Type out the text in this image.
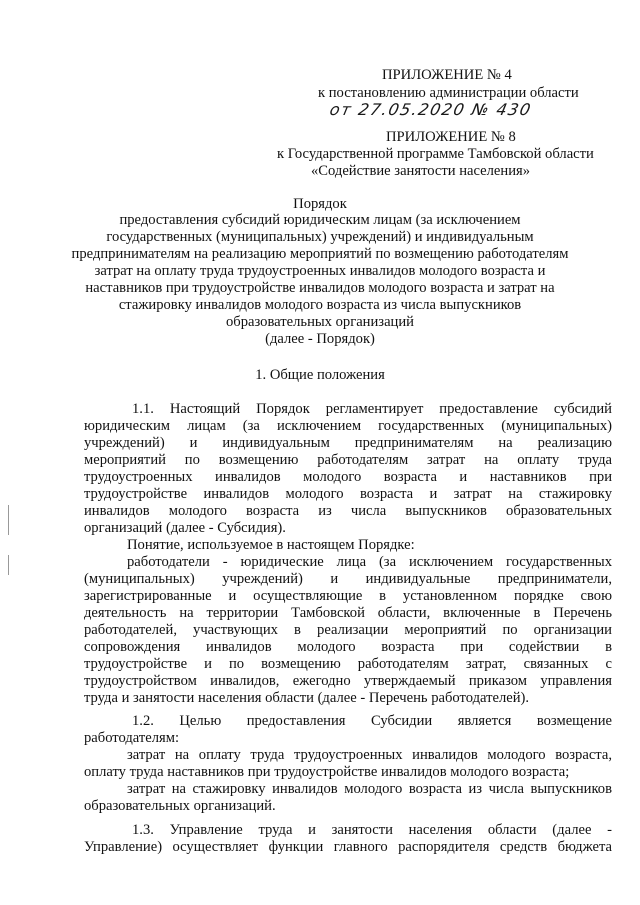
ПРИЛОЖЕНИЕ № 4
к постановлению администрации области
от 27.05.2020 № 430
ПРИЛОЖЕНИЕ № 8
к Государственной программе Тамбовской области
«Содействие занятости населения»
Порядок
предоставления субсидий юридическим лицам (за исключением
государственных (муниципальных) учреждений) и индивидуальным
предпринимателям на реализацию мероприятий по возмещению работодателям
затрат на оплату труда трудоустроенных инвалидов молодого возраста и
наставников при трудоустройстве инвалидов молодого возраста и затрат на
стажировку инвалидов молодого возраста из числа выпускников
образовательных организаций
(далее - Порядок)
1. Общие положения
1.1. Настоящий Порядок регламентирует предоставление субсидий
юридическим лицам (за исключением государственных (муниципальных)
учреждений) и индивидуальным предпринимателям на реализацию
мероприятий по возмещению работодателям затрат на оплату труда
трудоустроенных инвалидов молодого возраста и наставников при
трудоустройстве инвалидов молодого возраста и затрат на стажировку
инвалидов молодого возраста из числа выпускников образовательных
организаций (далее - Субсидия).
Понятие, используемое в настоящем Порядке:
работодатели - юридические лица (за исключением государственных
(муниципальных) учреждений) и индивидуальные предприниматели,
зарегистрированные и осуществляющие в установленном порядке свою
деятельность на территории Тамбовской области, включенные в Перечень
работодателей, участвующих в реализации мероприятий по организации
сопровождения инвалидов молодого возраста при содействии в
трудоустройстве и по возмещению работодателям затрат, связанных с
трудоустройством инвалидов, ежегодно утверждаемый приказом управления
труда и занятости населения области (далее - Перечень работодателей).
1.2. Целью предоставления Субсидии является возмещение
работодателям:
затрат на оплату труда трудоустроенных инвалидов молодого возраста,
оплату труда наставников при трудоустройстве инвалидов молодого возраста;
затрат на стажировку инвалидов молодого возраста из числа выпускников
образовательных организаций.
1.3. Управление труда и занятости населения области (далее -
Управление) осуществляет функции главного распорядителя средств бюджета
